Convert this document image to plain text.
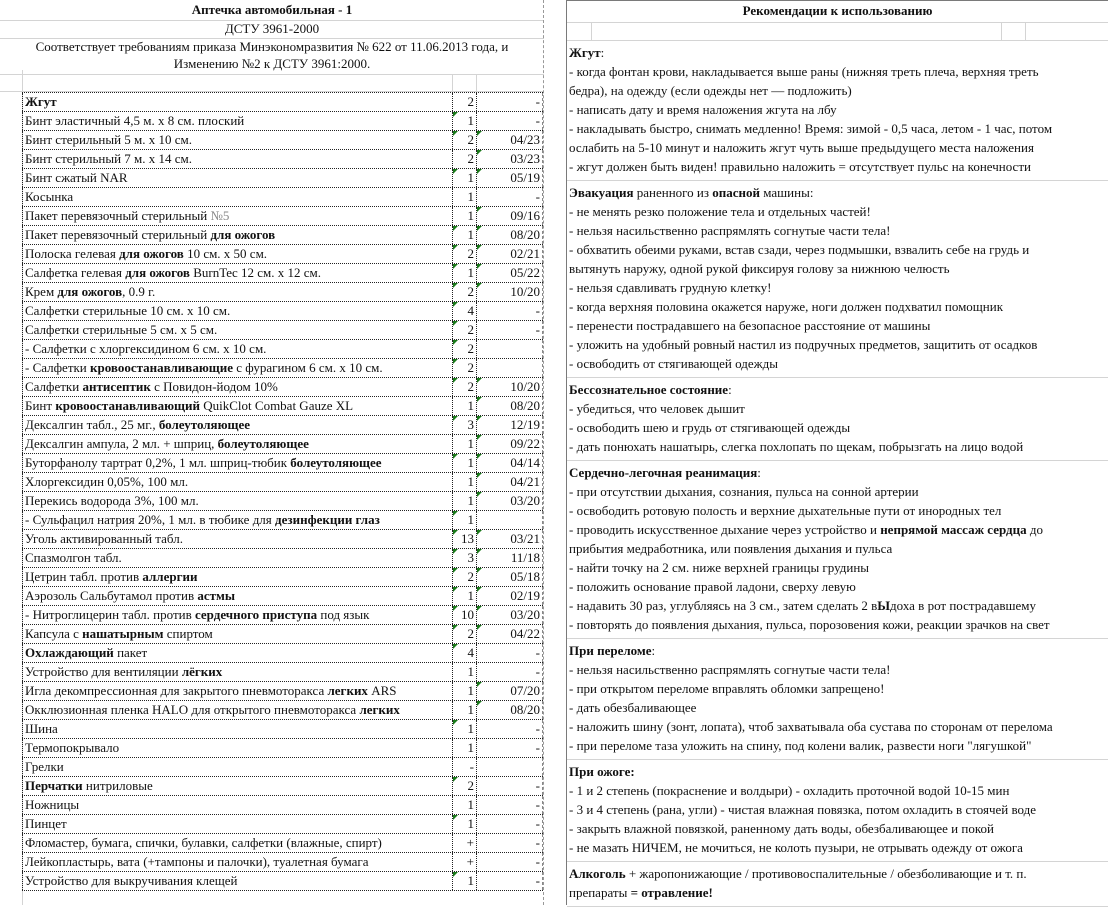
Аптечка автомобильная - 1
ДСТУ 3961-2000
Соответствует требованиям приказа Минэкономразвития № 622 от 11.06.2013 года, и
Изменению №2 к ДСТУ 3961:2000.
Жгут	2	-
Бинт эластичный 4,5 м. х 8 см. плоский	1	-
Бинт стерильный 5 м. х 10 см.	2	04/23
Бинт стерильный 7 м. х 14 см.	2	03/23
Бинт сжатый NAR	1	05/19
Косынка	1	-
Пакет перевязочный стерильный №5	1	09/16
Пакет перевязочный стерильный для ожогов	1	08/20
Полоска гелевая для ожогов 10 см. х 50 см.	2	02/21
Салфетка гелевая для ожогов BurnTec 12 см. х 12 см.	1	05/22
Крем для ожогов, 0.9 г.	2	10/20
Салфетки стерильные 10 см. х 10 см.	4	-
Салфетки стерильные 5 см. х 5 см.	2	-
- Салфетки с хлоргексидином 6 см. х 10 см.	2
- Салфетки кровоостанавливающие с фурагином 6 см. х 10 см.	2
Салфетки антисептик с Повидон-йодом 10%	2	10/20
Бинт кровоостанавливающий QuikClot Combat Gauze XL	1	08/20
Дексалгин табл., 25 мг., болеутоляющее	3	12/19
Дексалгин ампула, 2 мл. + шприц, болеутоляющее	1	09/22
Буторфанолу тартрат 0,2%, 1 мл. шприц-тюбик болеутоляющее	1	04/14
Хлоргексидин 0,05%, 100 мл.	1	04/21
Перекись водорода 3%, 100 мл.	1	03/20
- Сульфацил натрия 20%, 1 мл. в тюбике для дезинфекции глаз	1
Уголь активированный табл.	13	03/21
Спазмолгон табл.	3	11/18
Цетрин табл. против аллергии	2	05/18
Аэрозоль Сальбутамол против астмы	1	02/19
- Нитроглицерин табл. против сердечного приступа под язык	10	03/20
Капсула с нашатырным спиртом	2	04/22
Охлаждающий пакет	4	-
Устройство для вентиляции лёгких	1	-
Игла декомпрессионная для закрытого пневмоторакса легких ARS	1	07/20
Окклюзионная пленка HALO для открытого пневмоторакса легких	1	08/20
Шина	1	-
Термопокрывало	1	-
Грелки	-
Перчатки нитриловые	2	-
Ножницы	1	-
Пинцет	1	-
Фломастер, бумага, спички, булавки, салфетки (влажные, спирт)	+	-
Лейкопластырь, вата (+тампоны и палочки), туалетная бумага	+	-
Устройство для выкручивания клещей	1	-
Рекомендации к использованию
Жгут:
- когда фонтан крови, накладывается выше раны (нижняя треть плеча, верхняя треть
бедра), на одежду (если одежды нет — подложить)
- написать дату и время наложения жгута на лбу
- накладывать быстро, снимать медленно! Время: зимой - 0,5 часа, летом - 1 час, потом
ослабить на 5-10 минут и наложить жгут чуть выше предыдущего места наложения
- жгут должен быть виден! правильно наложить = отсутствует пульс на конечности
Эвакуация раненного из опасной машины:
- не менять резко положение тела и отдельных частей!
- нельзя насильственно распрямлять согнутые части тела!
- обхватить обеими руками, встав сзади, через подмышки, взвалить себе на грудь и
вытянуть наружу, одной рукой фиксируя голову за нижнюю челюсть
- нельзя сдавливать грудную клетку!
- когда верхняя половина окажется наруже, ноги должен подхватил помощник
- перенести пострадавшего на безопасное расстояние от машины
- уложить на удобный ровный настил из подручных предметов, защитить от осадков
- освободить от стягивающей одежды
Бессознательное состояние:
- убедиться, что человек дышит
- освободить шею и грудь от стягивающей одежды
- дать понюхать нашатырь, слегка похлопать по щекам, побрызгать на лицо водой
Сердечно-легочная реанимация:
- при отсутствии дыхания, сознания, пульса на сонной артерии
- освободить ротовую полость и верхние дыхательные пути от инородных тел
- проводить искусственное дыхание через устройство и непрямой массаж сердца до
прибытия медработника, или появления дыхания и пульса
- найти точку на 2 см. ниже верхней границы грудины
- положить основание правой ладони, сверху левую
- надавить 30 раз, углубляясь на 3 см., затем сделать 2 вЫдоха в рот пострадавшему
- повторять до появления дыхания, пульса, порозовения кожи, реакции зрачков на свет
При переломе:
- нельзя насильственно распрямлять согнутые части тела!
- при открытом переломе вправлять обломки запрещено!
- дать обезбаливающее
- наложить шину (зонт, лопата), чтоб захватывала оба сустава по сторонам от перелома
- при переломе таза уложить на спину, под колени валик, развести ноги "лягушкой"
При ожоге:
- 1 и 2 степень (покраснение и волдыри) - охладить проточной водой 10-15 мин
- 3 и 4 степень (рана, угли) - чистая влажная повязка, потом охладить в стоячей воде
- закрыть влажной повязкой, раненному дать воды, обезбаливающее и покой
- не мазать НИЧЕМ, не мочиться, не колоть пузыри, не отрывать одежду от ожога
Алкоголь + жаропонижающие / противовоспалительные / обезболивающие и т. п.
препараты = отравление!
